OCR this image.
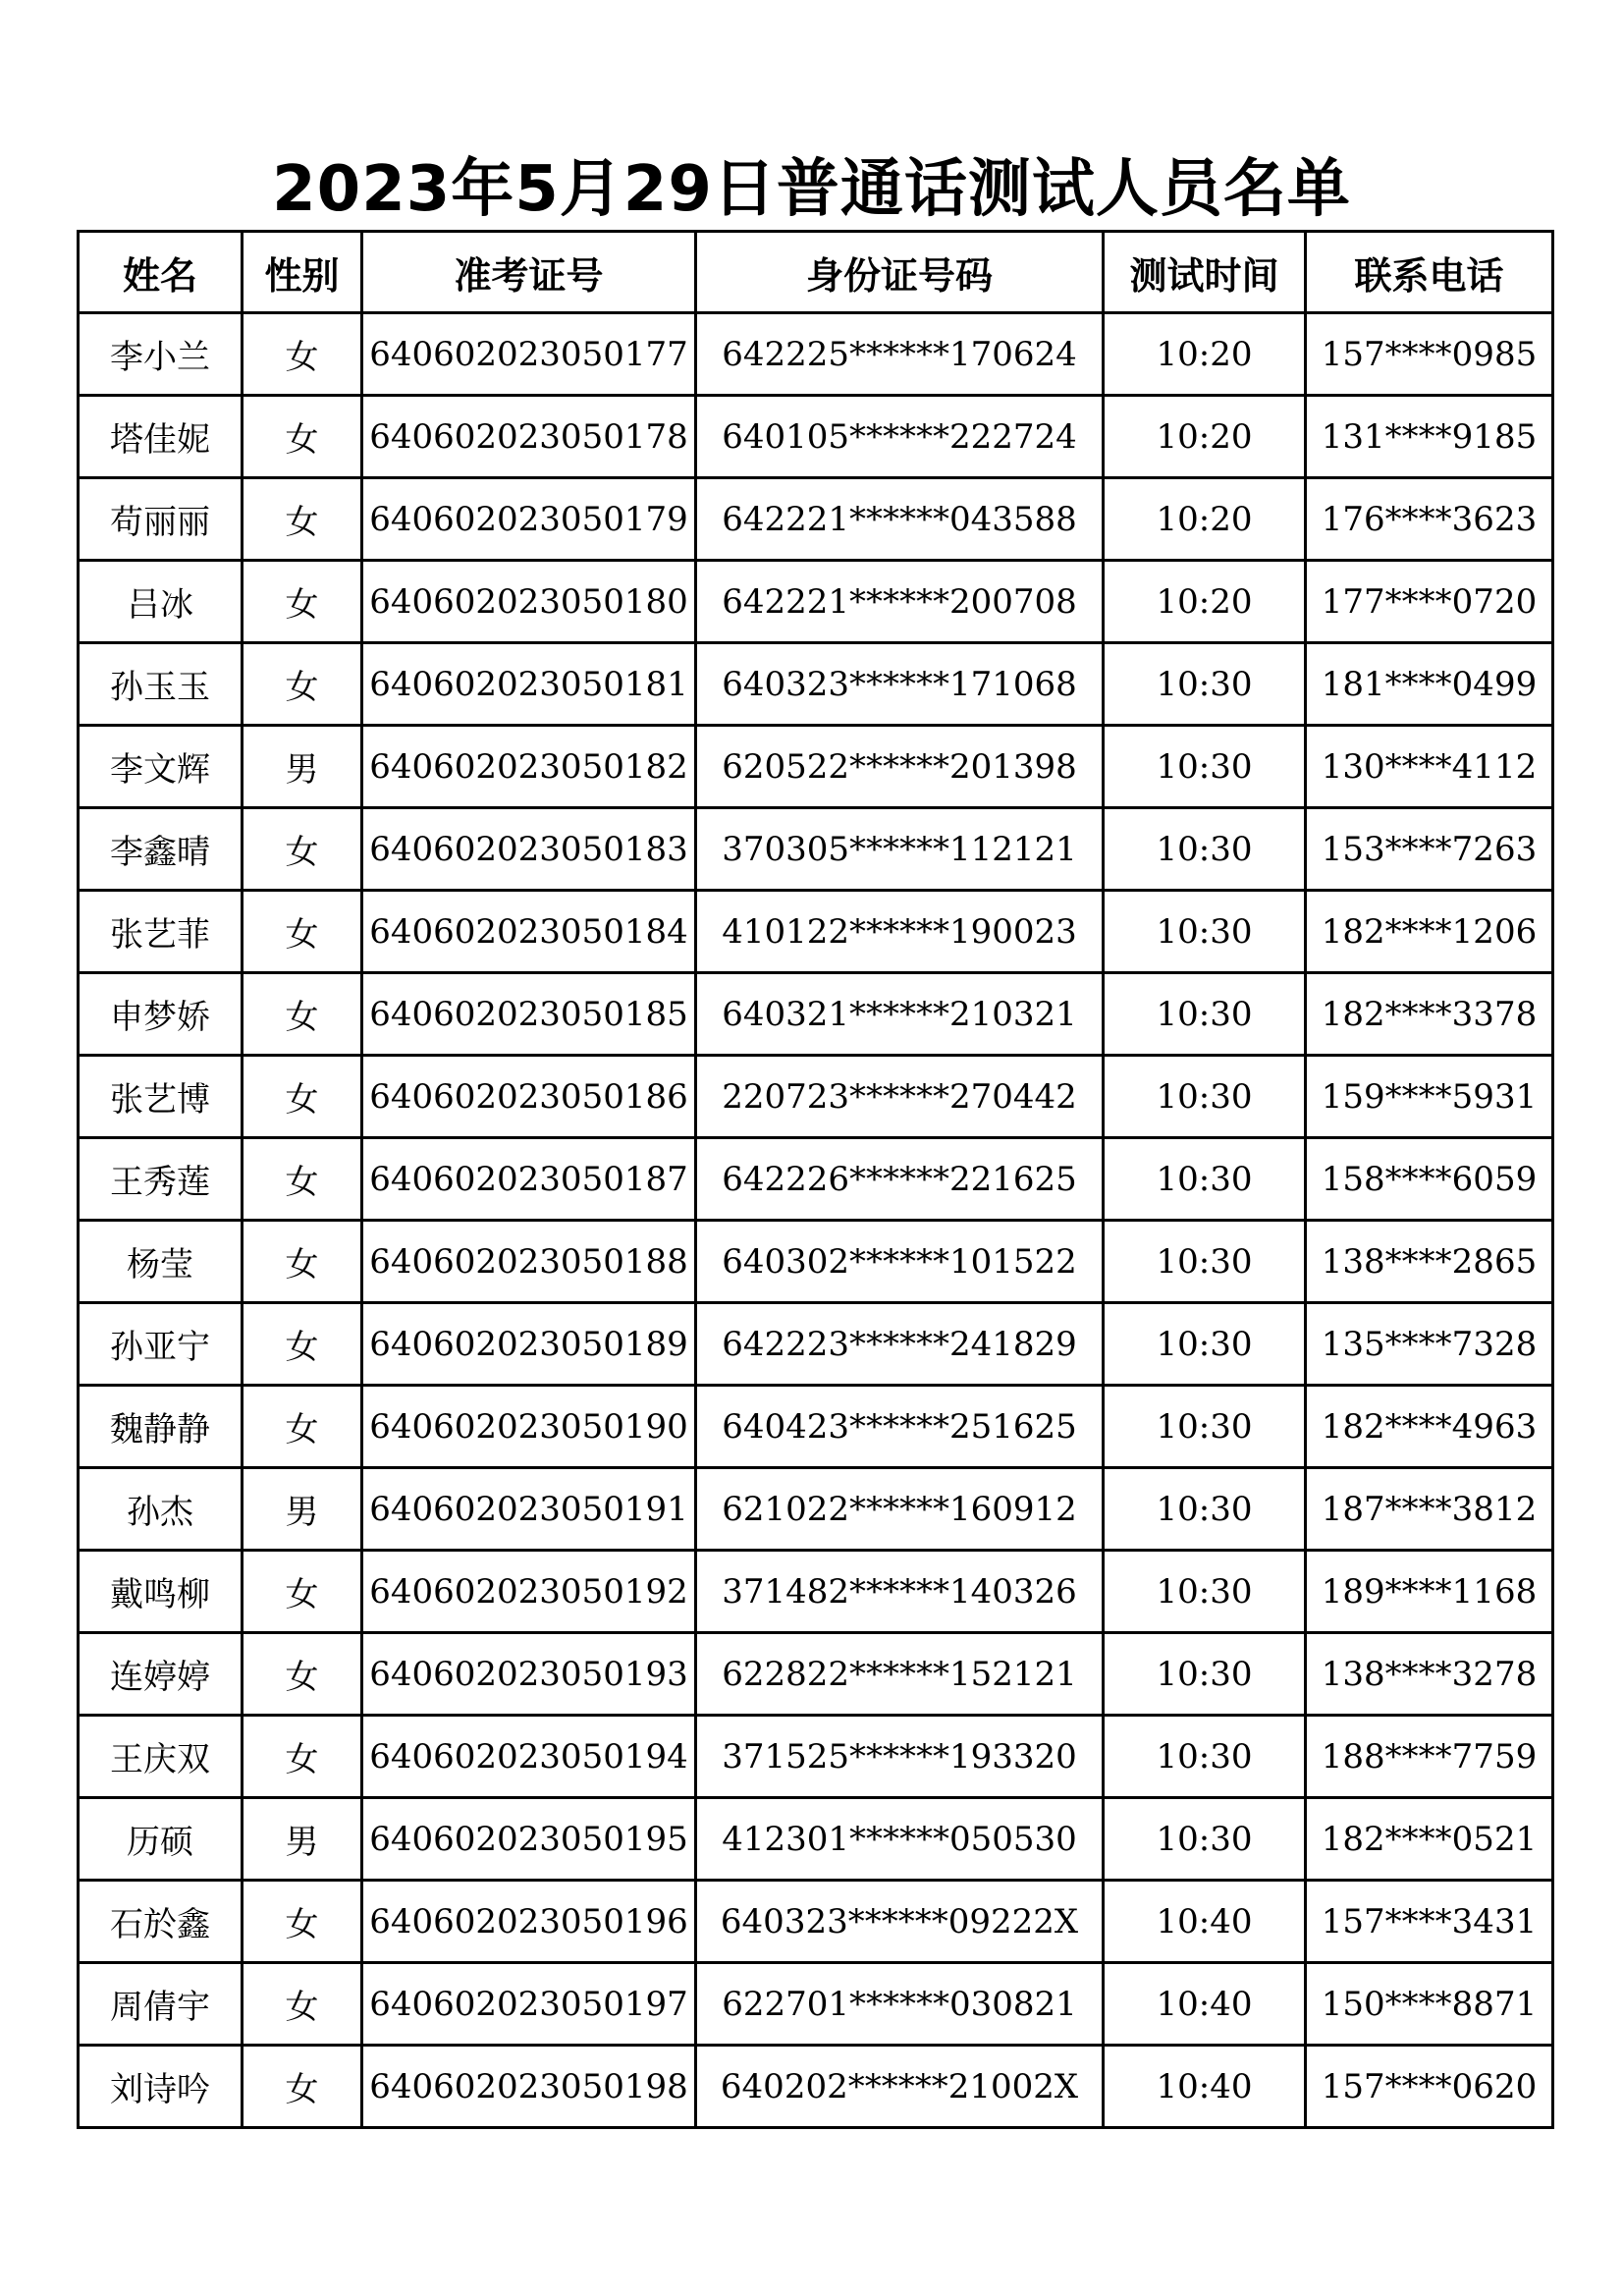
2023年5月29日普通话测试人员名单
姓名	性别	准考证号	身份证号码	测试时间	联系电话
李小兰	女	640602023050177	642225******170624	10:20	157****0985
塔佳妮	女	640602023050178	640105******222724	10:20	131****9185
苟丽丽	女	640602023050179	642221******043588	10:20	176****3623
吕冰	女	640602023050180	642221******200708	10:20	177****0720
孙玉玉	女	640602023050181	640323******171068	10:30	181****0499
李文辉	男	640602023050182	620522******201398	10:30	130****4112
李鑫晴	女	640602023050183	370305******112121	10:30	153****7263
张艺菲	女	640602023050184	410122******190023	10:30	182****1206
申梦娇	女	640602023050185	640321******210321	10:30	182****3378
张艺博	女	640602023050186	220723******270442	10:30	159****5931
王秀莲	女	640602023050187	642226******221625	10:30	158****6059
杨莹	女	640602023050188	640302******101522	10:30	138****2865
孙亚宁	女	640602023050189	642223******241829	10:30	135****7328
魏静静	女	640602023050190	640423******251625	10:30	182****4963
孙杰	男	640602023050191	621022******160912	10:30	187****3812
戴鸣柳	女	640602023050192	371482******140326	10:30	189****1168
连婷婷	女	640602023050193	622822******152121	10:30	138****3278
王庆双	女	640602023050194	371525******193320	10:30	188****7759
历硕	男	640602023050195	412301******050530	10:30	182****0521
石於鑫	女	640602023050196	640323******09222X	10:40	157****3431
周倩宇	女	640602023050197	622701******030821	10:40	150****8871
刘诗吟	女	640602023050198	640202******21002X	10:40	157****0620
